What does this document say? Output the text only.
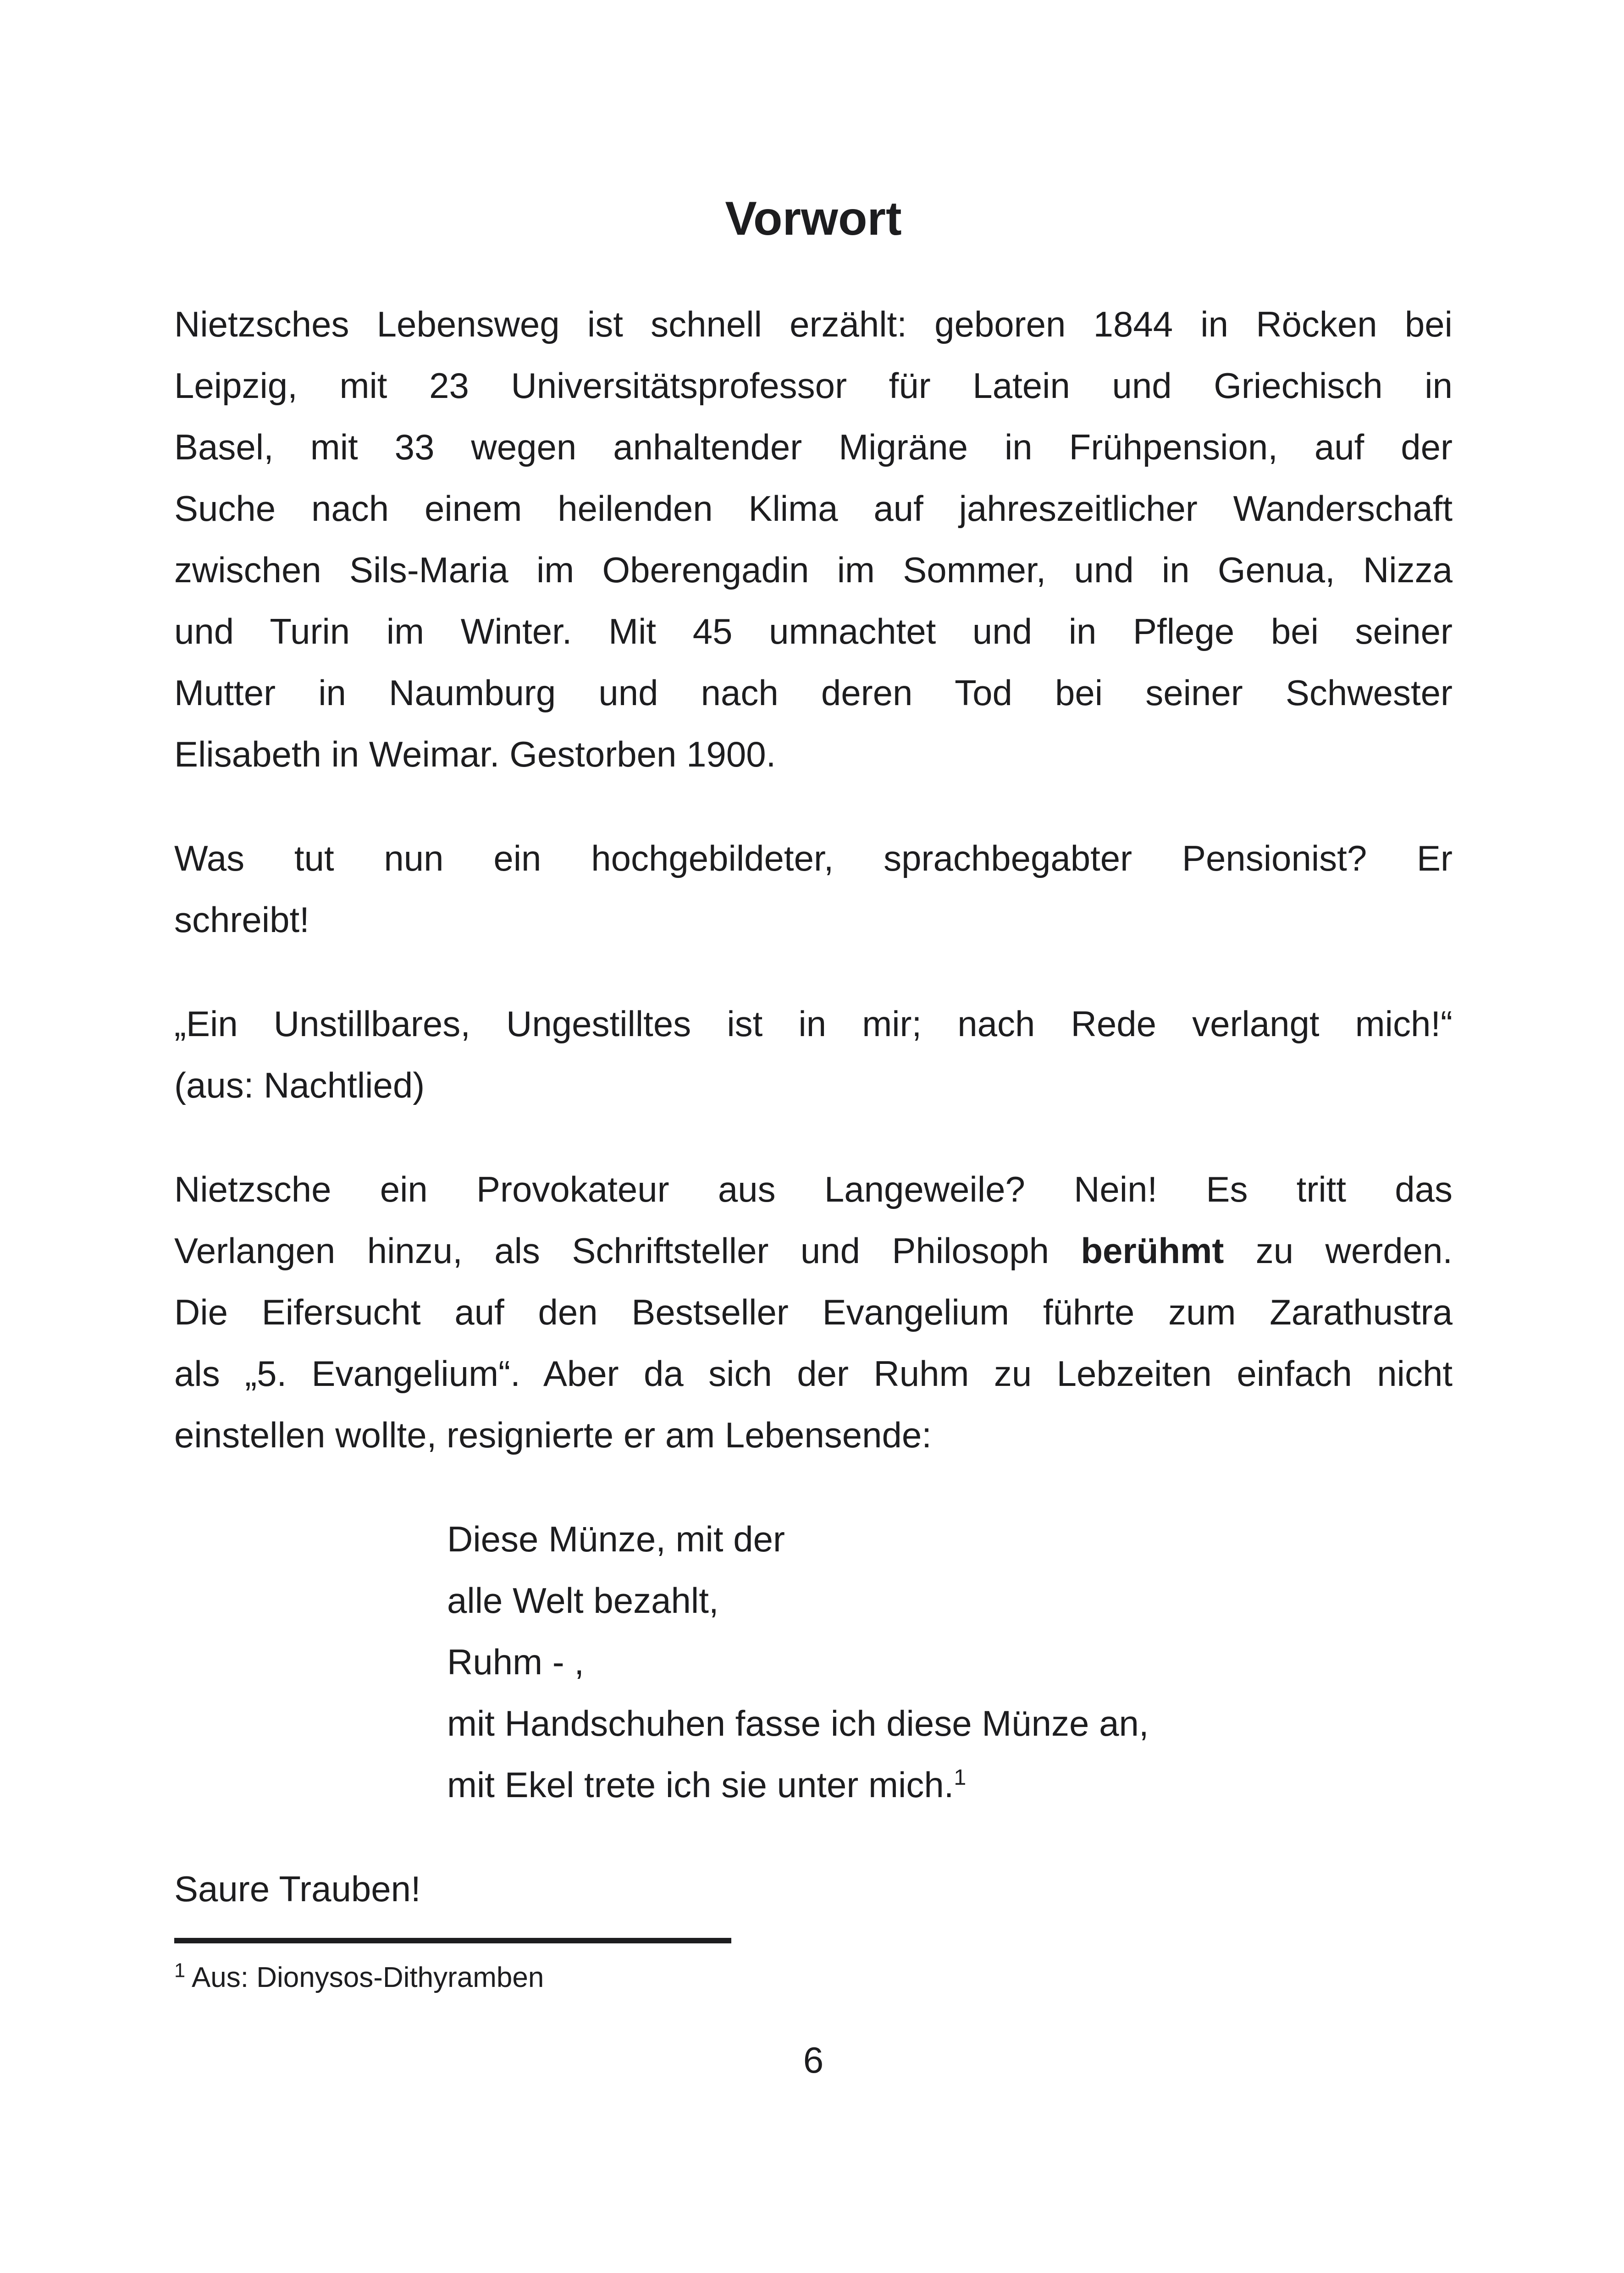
Vorwort
Nietzsches Lebensweg ist schnell erzählt: geboren 1844 in Röcken bei
Leipzig, mit 23 Universitätsprofessor für Latein und Griechisch in
Basel, mit 33 wegen anhaltender Migräne in Frühpension, auf der
Suche nach einem heilenden Klima auf jahreszeitlicher Wanderschaft
zwischen Sils-Maria im Oberengadin im Sommer, und in Genua, Nizza
und Turin im Winter. Mit 45 umnachtet und in Pflege bei seiner
Mutter in Naumburg und nach deren Tod bei seiner Schwester
Elisabeth in Weimar. Gestorben 1900.
Was tut nun ein hochgebildeter, sprachbegabter Pensionist? Er
schreibt!
„Ein Unstillbares, Ungestilltes ist in mir; nach Rede verlangt mich!“
(aus: Nachtlied)
Nietzsche ein Provokateur aus Langeweile? Nein! Es tritt das
Verlangen hinzu, als Schriftsteller und Philosoph berühmt zu werden.
Die Eifersucht auf den Bestseller Evangelium führte zum Zarathustra
als „5. Evangelium“. Aber da sich der Ruhm zu Lebzeiten einfach nicht
einstellen wollte, resignierte er am Lebensende:
Diese Münze, mit der
alle Welt bezahlt,
Ruhm - ,
mit Handschuhen fasse ich diese Münze an,
mit Ekel trete ich sie unter mich.$^1$
Saure Trauben!
$^1$ Aus: Dionysos-Dithyramben
6
